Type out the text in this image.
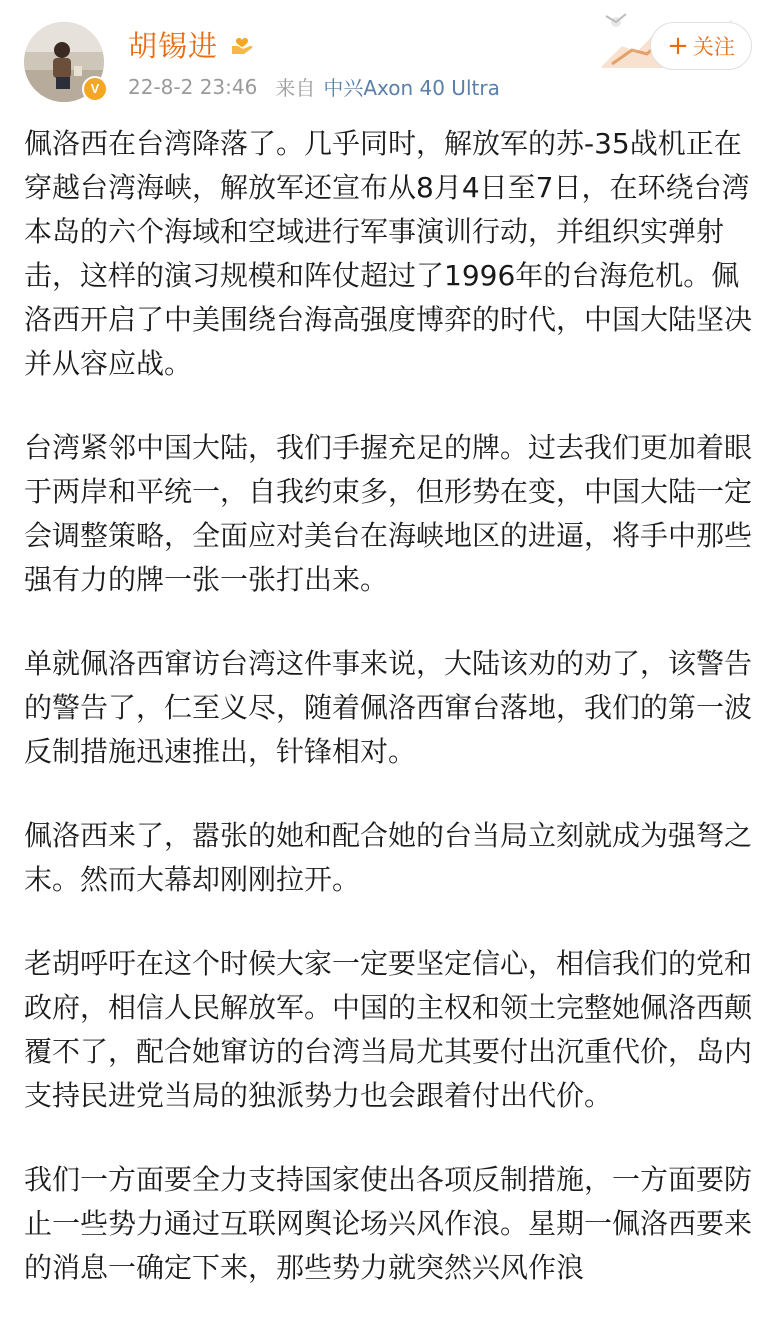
V
胡锡进
22-8-2 23:46 来自 中兴Axon 40 Ultra
+ 关注

佩洛西在台湾降落了。几乎同时，解放军的苏-35战机正在穿越台湾海峡，解放军还宣布从8月4日至7日，在环绕台湾本岛的六个海域和空域进行军事演训行动，并组织实弹射击，这样的演习规模和阵仗超过了1996年的台海危机。佩洛西开启了中美围绕台海高强度博弈的时代，中国大陆坚决并从容应战。

台湾紧邻中国大陆，我们手握充足的牌。过去我们更加着眼于两岸和平统一，自我约束多，但形势在变，中国大陆一定会调整策略，全面应对美台在海峡地区的进逼，将手中那些强有力的牌一张一张打出来。

单就佩洛西窜访台湾这件事来说，大陆该劝的劝了，该警告的警告了，仁至义尽，随着佩洛西窜台落地，我们的第一波反制措施迅速推出，针锋相对。

佩洛西来了，嚣张的她和配合她的台当局立刻就成为强弩之末。然而大幕却刚刚拉开。

老胡呼吁在这个时候大家一定要坚定信心，相信我们的党和政府，相信人民解放军。中国的主权和领土完整她佩洛西颠覆不了，配合她窜访的台湾当局尤其要付出沉重代价，岛内支持民进党当局的独派势力也会跟着付出代价。

我们一方面要全力支持国家使出各项反制措施，一方面要防止一些势力通过互联网舆论场兴风作浪。星期一佩洛西要来的消息一确定下来，那些势力就突然兴风作浪
